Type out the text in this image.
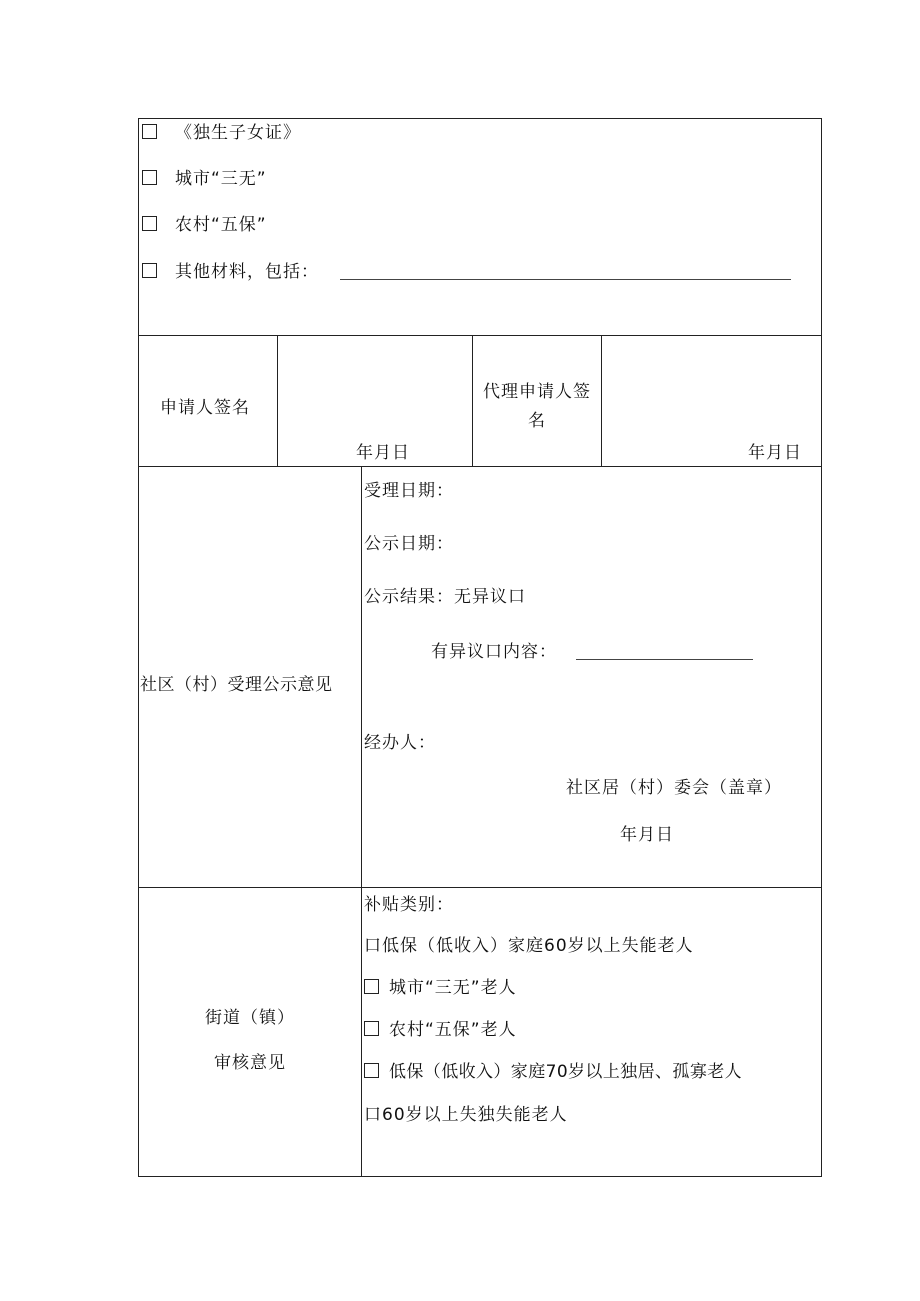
《独生子女证》
城市“三无”
农村“五保”
其他材料，包括：
申请人签名
年月日
代理申请人签
名
年月日
社区（村）受理公示意见
受理日期：
公示日期：
公示结果：无异议口
有异议口内容：
经办人：
社区居（村）委会（盖章）
年月日
街道（镇）
审核意见
补贴类别：
口低保（低收入）家庭60岁以上失能老人
城市“三无”老人
农村“五保”老人
低保（低收入）家庭70岁以上独居、孤寡老人
口60岁以上失独失能老人
